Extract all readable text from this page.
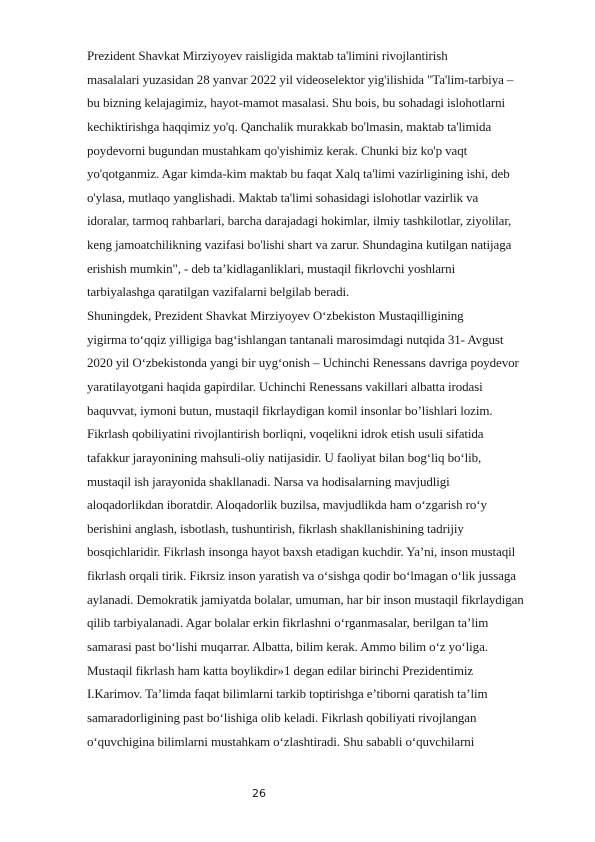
Prezident Shavkat Mirziyoyev raisligida maktab ta'limini rivojlantirish
masalalari yuzasidan 28 yanvar 2022 yil videoselektor yig'ilishida "Ta'lim-tarbiya –
bu bizning kelajagimiz, hayot-mamot masalasi. Shu bois, bu sohadagi islohotlarni
kechiktirishga haqqimiz yo'q. Qanchalik murakkab bo'lmasin, maktab ta'limida
poydevorni bugundan mustahkam qo'yishimiz kerak. Chunki biz ko'p vaqt
yo'qotganmiz. Agar kimda-kim maktab bu faqat Xalq ta'limi vazirligining ishi, deb
o'ylasa, mutlaqo yanglishadi. Maktab ta'limi sohasidagi islohotlar vazirlik va
idoralar, tarmoq rahbarlari, barcha darajadagi hokimlar, ilmiy tashkilotlar, ziyolilar,
keng jamoatchilikning vazifasi bo'lishi shart va zarur. Shundagina kutilgan natijaga
erishish mumkin", - deb ta’kidlaganliklari, mustaqil fikrlovchi yoshlarni
tarbiyalashga qaratilgan vazifalarni belgilab beradi.
Shuningdek, Prezident Shavkat Mirziyoyev O‘zbekiston Mustaqilligining
yigirma to‘qqiz yilligiga bag‘ishlangan tantanali marosimdagi nutqida 31- Avgust
2020 yil O‘zbekistonda yangi bir uyg‘onish – Uchinchi Renessans davriga poydevor
yaratilayotgani haqida gapirdilar. Uchinchi Renessans vakillari albatta irodasi
baquvvat, iymoni butun, mustaqil fikrlaydigan komil insonlar bo’lishlari lozim.
Fikrlash qobiliyatini rivojlantirish borliqni, voqelikni idrok etish usuli sifatida
tafakkur jarayonining mahsuli-oliy natijasidir. U faoliyat bilan bog‘liq bo‘lib,
mustaqil ish jarayonida shakllanadi. Narsa va hodisalarning mavjudligi
aloqadorlikdan iboratdir. Aloqadorlik buzilsa, mavjudlikda ham o‘zgarish ro‘y
berishini anglash, isbotlash, tushuntirish, fikrlash shakllanishining tadrijiy
bosqichlaridir. Fikrlash insonga hayot baxsh etadigan kuchdir. Ya’ni, inson mustaqil
fikrlash orqali tirik. Fikrsiz inson yaratish va o‘sishga qodir bo‘lmagan o‘lik jussaga
aylanadi. Demokratik jamiyatda bolalar, umuman, har bir inson mustaqil fikrlaydigan
qilib tarbiyalanadi. Agar bolalar erkin fikrlashni o‘rganmasalar, berilgan ta’lim
samarasi past bo‘lishi muqarrar. Albatta, bilim kerak. Ammo bilim o‘z yo‘liga.
Mustaqil fikrlash ham katta boylikdir»1 degan edilar birinchi Prezidentimiz
I.Karimov. Ta’limda faqat bilimlarni tarkib toptirishga e’tiborni qaratish ta’lim
samaradorligining past bo‘lishiga olib keladi. Fikrlash qobiliyati rivojlangan
o‘quvchigina bilimlarni mustahkam o‘zlashtiradi. Shu sababli o‘quvchilarni
26
